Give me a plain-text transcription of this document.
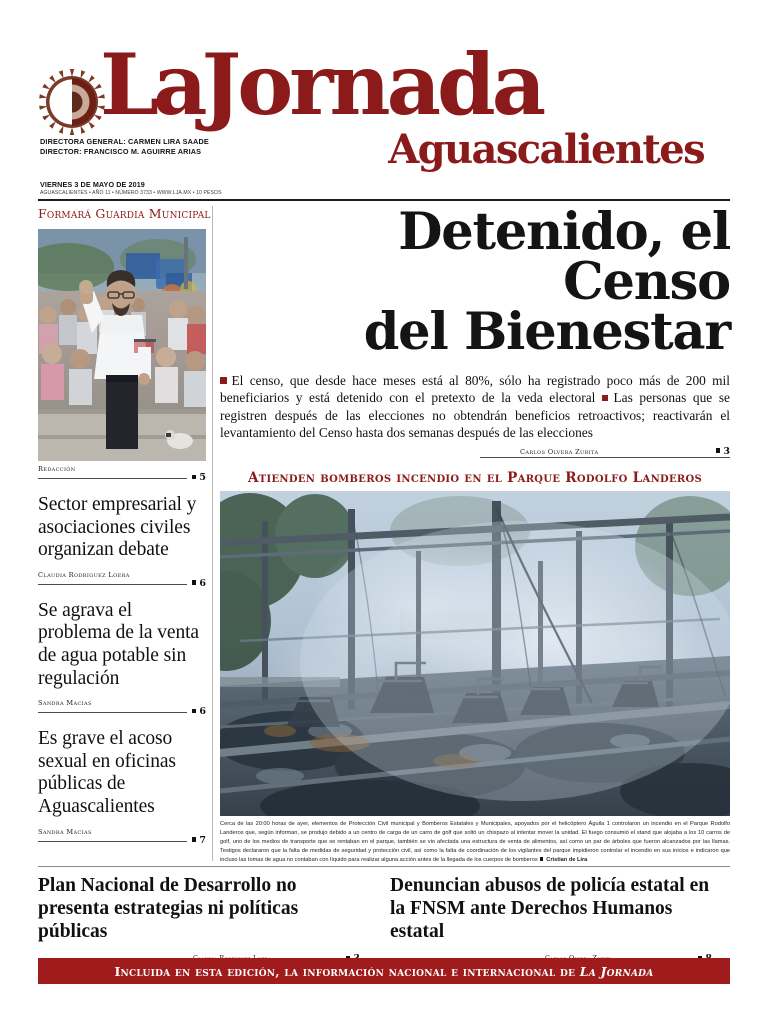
LaJornada
Aguascalientes
DIRECTORA GENERAL: CARMEN LIRA SAADE
DIRECTOR: FRANCISCO M. AGUIRRE ARIAS
VIERNES 3 DE MAYO DE 2019
AGUASCALIENTES • AÑO 11 • NÚMERO 3733 • WWW.LJA.MX • 10 PESOS
Formará Guardia Municipal
Redacción
5
Sector empresarial y asociaciones civiles organizan debate
Claudia Rodríguez Loera
6
Se agrava el problema de la venta de agua potable sin regulación
Sandra Macías
6
Es grave el acoso sexual en oficinas públicas de Aguascalientes
Sandra Macías
7
Detenido, el Censo
del Bienestar

El censo, que desde hace meses está al 80%, sólo ha registrado poco más de 200 mil beneficiarios y está detenido con el pretexto de la veda electoral Las personas que se registren después de las elecciones no obtendrán beneficios retroactivos; reactivarán el levantamiento del Censo hasta dos semanas después de las elecciones

Carlos Olvera Zurita	3
Atienden bomberos incendio en el Parque Rodolfo Landeros
Cerca de las 20:00 horas de ayer, elementos de Protección Civil municipal y Bomberos Estatales y Municipales, apoyados por el helicóptero Águila 1 controlaron un incendio en el Parque Rodolfo Landeros que, según informan, se produjo debido a un centro de carga de un carro de golf que soltó un chispazo al intentar mover la unidad. El fuego consumió el stand que alojaba a los 10 carros de golf, uno de los medios de transporte que se rentaban en el parque, también se vio afectada una estructura de venta de alimentos, así como un par de árboles que fueron alcanzados por las llamas. Testigos declararon que la falta de medidas de seguridad y protección civil, así como la falta de coordinación de los vigilantes del parque impidieron controlar el incendio en sus inicios e indicaron que incluso las tomas de agua no contaban con líquido para realizar alguna acción antes de la llegada de los cuerpos de bomberos Cristian de Lira
Plan Nacional de Desarrollo no presenta estrategias ni políticas públicas
Denuncian abusos de policía estatal en la FNSM ante Derechos Humanos estatal
Incluida en esta edición, la información nacional e internacional de La Jornada
